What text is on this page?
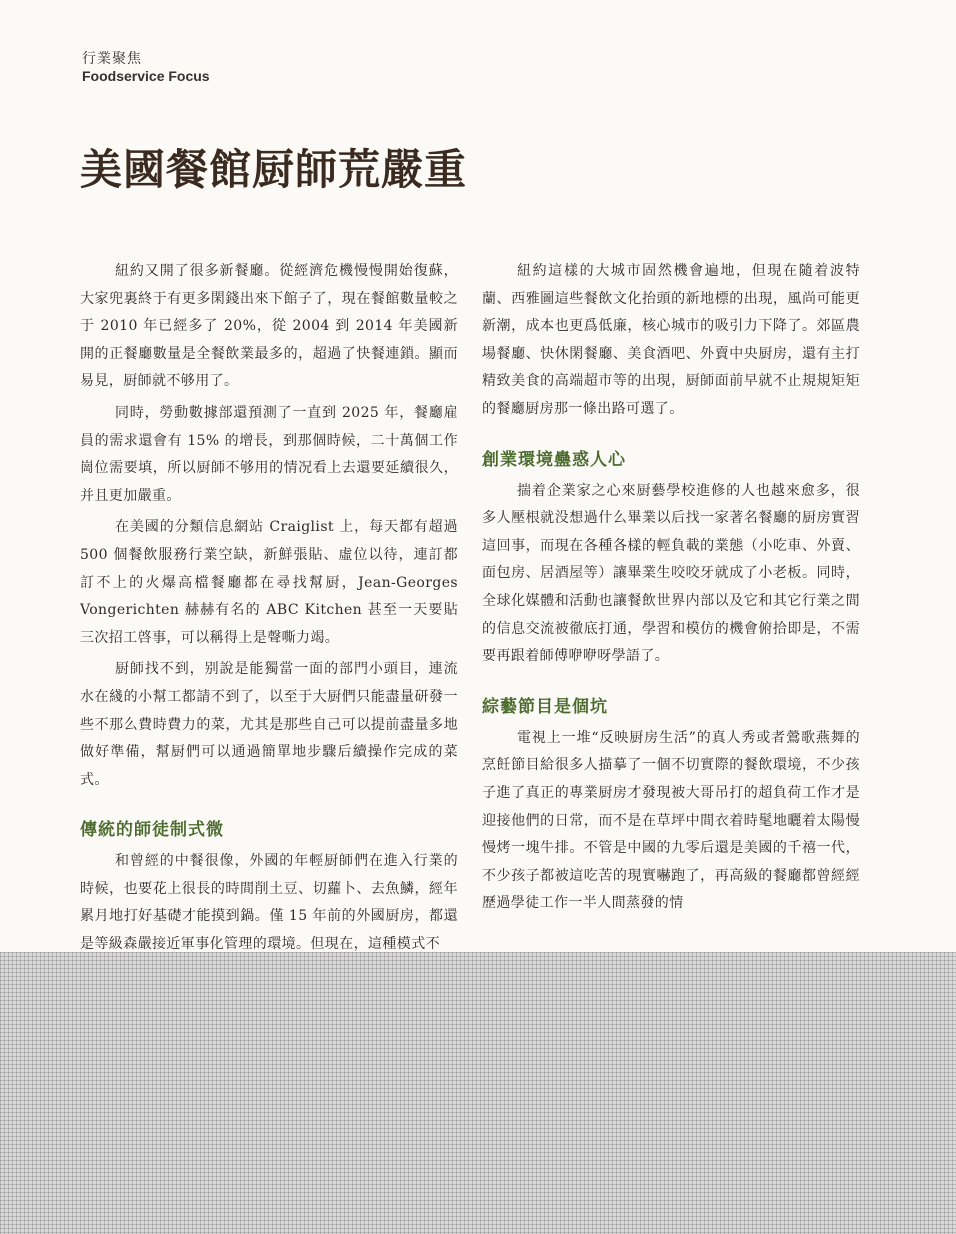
行業聚焦
Foodservice Focus
美國餐館厨師荒嚴重

紐約又開了很多新餐廳。從經濟危機慢慢開始復蘇，大家兜裏終于有更多閑錢出來下館子了，現在餐館數量較之于 2010 年已經多了 20%，從 2004 到 2014 年美國新開的正餐廳數量是全餐飲業最多的，超過了快餐連鎖。顯而易見，厨師就不够用了。

同時，勞動數據部還預測了一直到 2025 年，餐廳雇員的需求還會有 15% 的增長，到那個時候，二十萬個工作崗位需要填，所以厨師不够用的情况看上去還要延續很久，并且更加嚴重。

在美國的分類信息網站 Craiglist 上，每天都有超過 500 個餐飲服務行業空缺，新鮮張貼、虛位以待，連訂都訂不上的火爆高檔餐廳都在尋找幫厨，Jean-Georges Vongerichten 赫赫有名的 ABC Kitchen 甚至一天要貼三次招工啓事，可以稱得上是聲嘶力竭。

厨師找不到，别說是能獨當一面的部門小頭目，連流水在綫的小幫工都請不到了，以至于大厨們只能盡量研發一些不那么費時費力的菜，尤其是那些自己可以提前盡量多地做好準備，幫厨們可以通過簡單地步驟后續操作完成的菜式。

傳統的師徒制式微

和曾經的中餐很像，外國的年輕厨師們在進入行業的時候，也要花上很長的時間削土豆、切蘿卜、去魚鱗，經年累月地打好基礎才能摸到鍋。僅 15 年前的外國厨房，都還是等級森嚴接近軍事化管理的環境。但現在，這種模式不

紐約這樣的大城市固然機會遍地，但現在隨着波特蘭、西雅圖這些餐飲文化抬頭的新地標的出現，風尚可能更新潮，成本也更爲低廉，核心城市的吸引力下降了。郊區農場餐廳、快休閑餐廳、美食酒吧、外賣中央厨房，還有主打精致美食的高端超市等的出現，厨師面前早就不止規規矩矩的餐廳厨房那一條出路可選了。

創業環境蠱惑人心

揣着企業家之心來厨藝學校進修的人也越來愈多，很多人壓根就没想過什么畢業以后找一家著名餐廳的厨房實習這回事，而現在各種各樣的輕負載的業態（小吃車、外賣、面包房、居酒屋等）讓畢業生咬咬牙就成了小老板。同時，全球化媒體和活動也讓餐飲世界内部以及它和其它行業之間的信息交流被徹底打通，學習和模仿的機會俯拾即是，不需要再跟着師傅咿咿呀學語了。

綜藝節目是個坑

電視上一堆“反映厨房生活”的真人秀或者鶯歌燕舞的烹飪節目給很多人描摹了一個不切實際的餐飲環境，不少孩子進了真正的專業厨房才發現被大哥吊打的超負荷工作才是迎接他們的日常，而不是在草坪中間衣着時髦地曬着太陽慢慢烤一塊牛排。不管是中國的九零后還是美國的千禧一代，不少孩子都被這吃苦的現實嚇跑了，再高級的餐廳都曾經經歷過學徒工作一半人間蒸發的情
